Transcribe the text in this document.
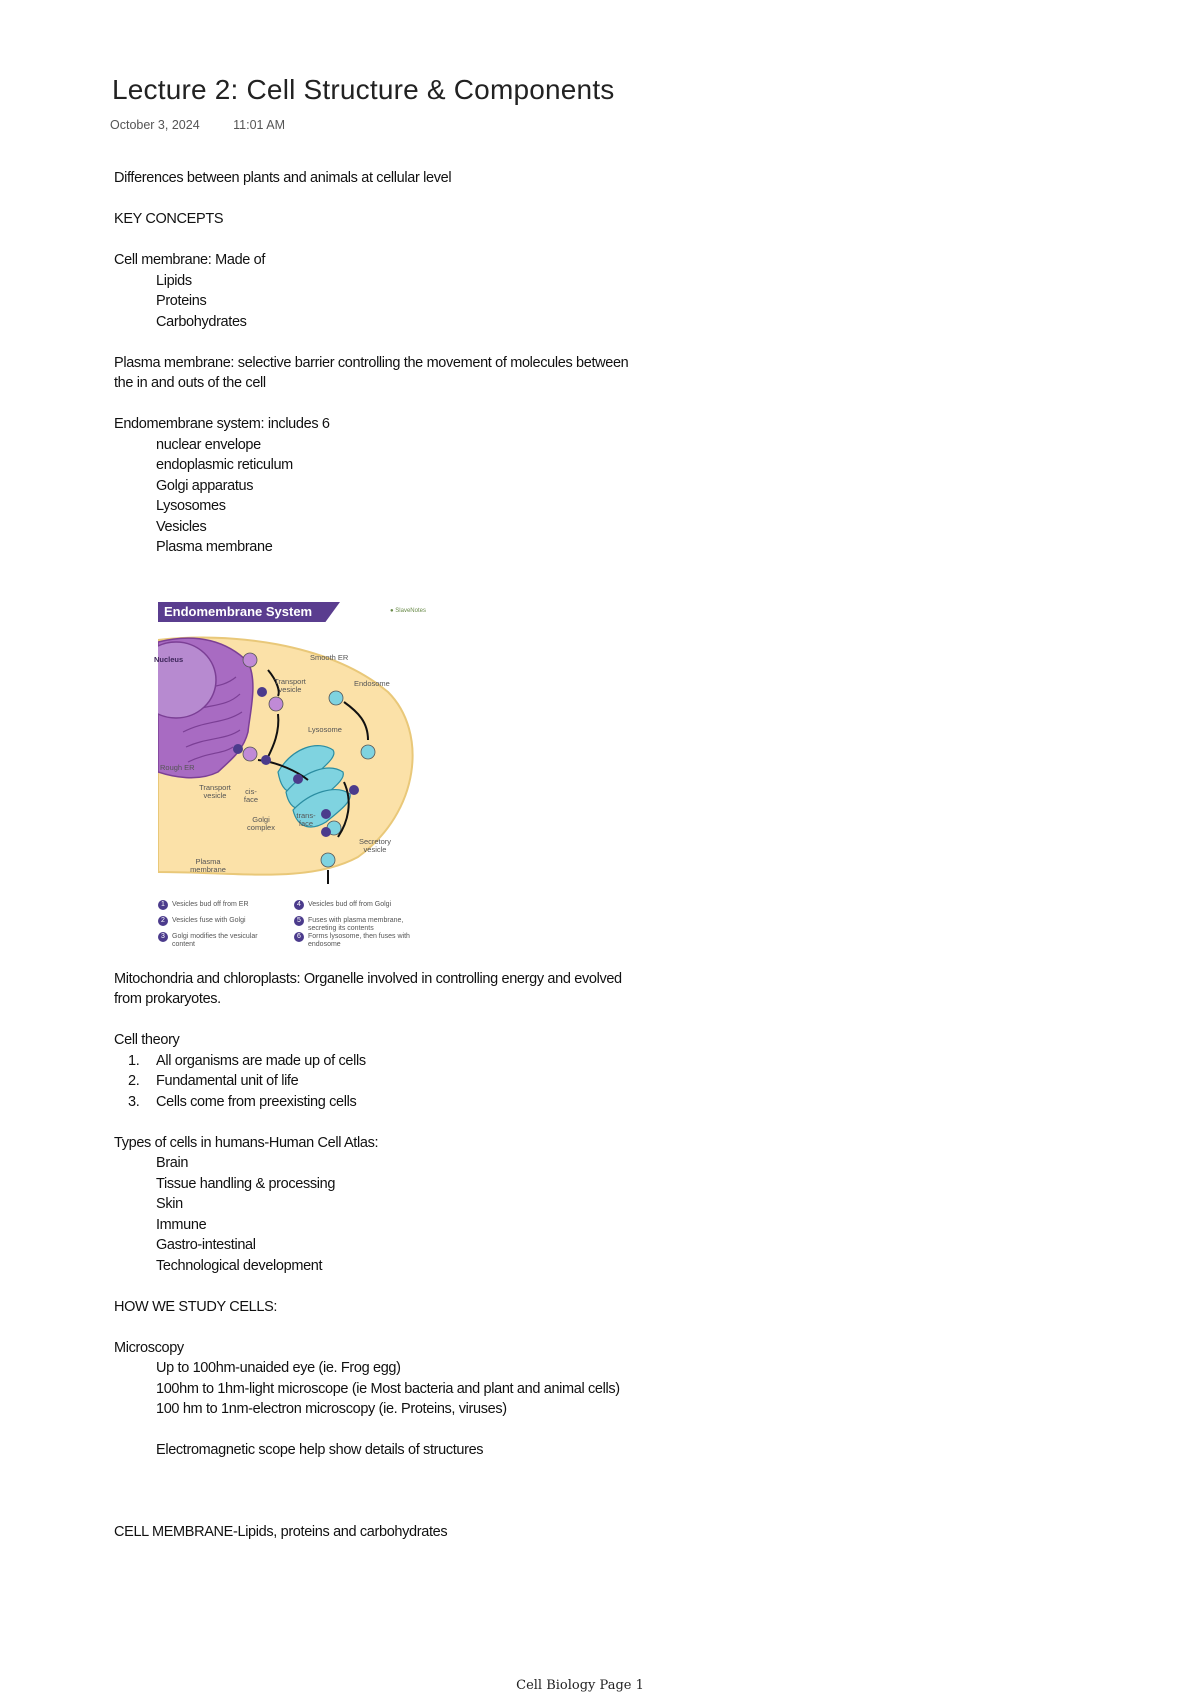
Lecture 2: Cell Structure & Components
October 3, 2024	11:01 AM

Differences between plants and animals at cellular level

KEY CONCEPTS

Cell membrane: Made of

Lipids

Proteins

Carbohydrates

Plasma membrane: selective barrier controlling the movement of molecules between

the in and outs of the cell

Endomembrane system: includes 6

nuclear envelope

endoplasmic reticulum

Golgi apparatus

Lysosomes

Vesicles

Plasma membrane

Mitochondria and chloroplasts: Organelle involved in controlling energy and evolved

from prokaryotes.

Cell theory

1.	All organisms are made up of cells
2.	Fundamental unit of life
3.	Cells come from preexisting cells

Types of cells in humans-Human Cell Atlas:

Brain

Tissue handling & processing

Skin

Immune

Gastro-intestinal

Technological development

HOW WE STUDY CELLS:

Microscopy

Up to 100hm-unaided eye (ie. Frog egg)

100hm to 1hm-light microscope (ie Most bacteria and plant and animal cells)

100 hm to 1nm-electron microscopy (ie. Proteins, viruses)

Electromagnetic scope help show details of structures

CELL MEMBRANE-Lipids, proteins and carbohydrates

Endomembrane System	● SlaveNotes
Nucleus	Smooth ER
Transport vesicle
Endosome
Lysosome
Rough ER
Transport vesicle	cis-face
Golgi complex
trans-face
Secretory vesicle
Plasma membrane
1	Vesicles bud off from ER
2	Vesicles fuse with Golgi
3	Golgi modifies the vesicular content
4	Vesicles bud off from Golgi
5	Fuses with plasma membrane, secreting its contents
6	Forms lysosome, then fuses with endosome
Cell Biology Page 1
